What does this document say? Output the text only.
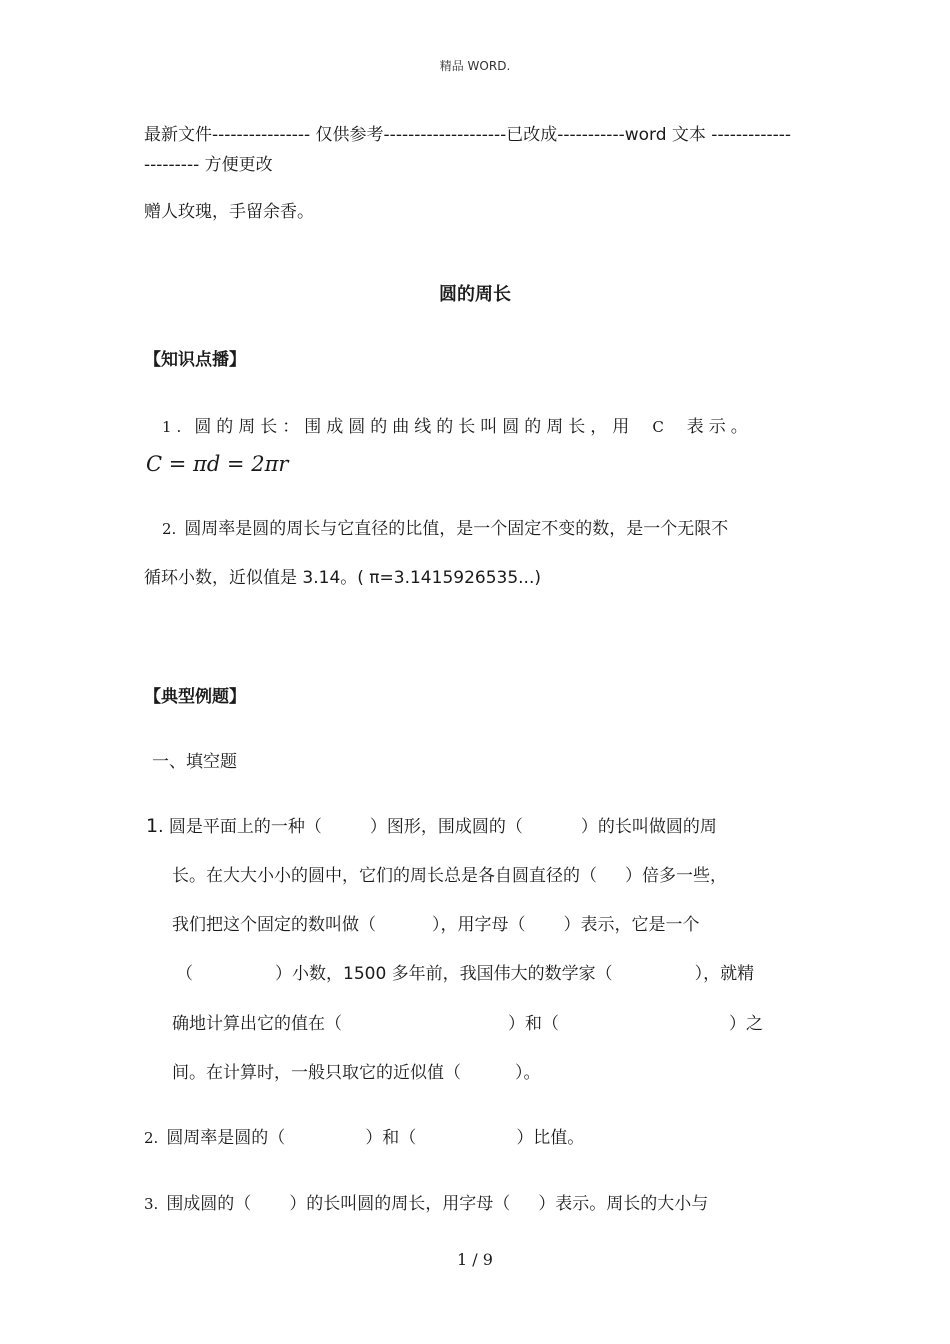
精品 WORD.
最新文件---------------- 仅供参考--------------------已改成-----------word 文本 -------------
--------- 方便更改
赠人玫瑰，手留余香。
圆的周长
【知识点播】
1. 圆的周长：围成圆的曲线的长叫圆的周长，用 C 表示。
C = πd = 2πr
2. 圆周率是圆的周长与它直径的比值，是一个固定不变的数，是一个无限不
循环小数，近似值是 3.14。( π=3.1415926535...)
【典型例题】
一、填空题
1. 圆是平面上的一种（	）图形，围成圆的（	）的长叫做圆的周
长。在大大小小的圆中，它们的周长总是各自圆直径的（ ）倍多一些，
我们把这个固定的数叫做（	），用字母（ ）表示，它是一个
（	）小数，1500 多年前，我国伟大的数学家（	），就精
确地计算出它的值在（	）和（	）之
间。在计算时，一般只取它的近似值（	）。
2. 圆周率是圆的（	）和（	）比值。
3. 围成圆的（ ）的长叫圆的周长，用字母（ ）表示。周长的大小与
1 / 9
